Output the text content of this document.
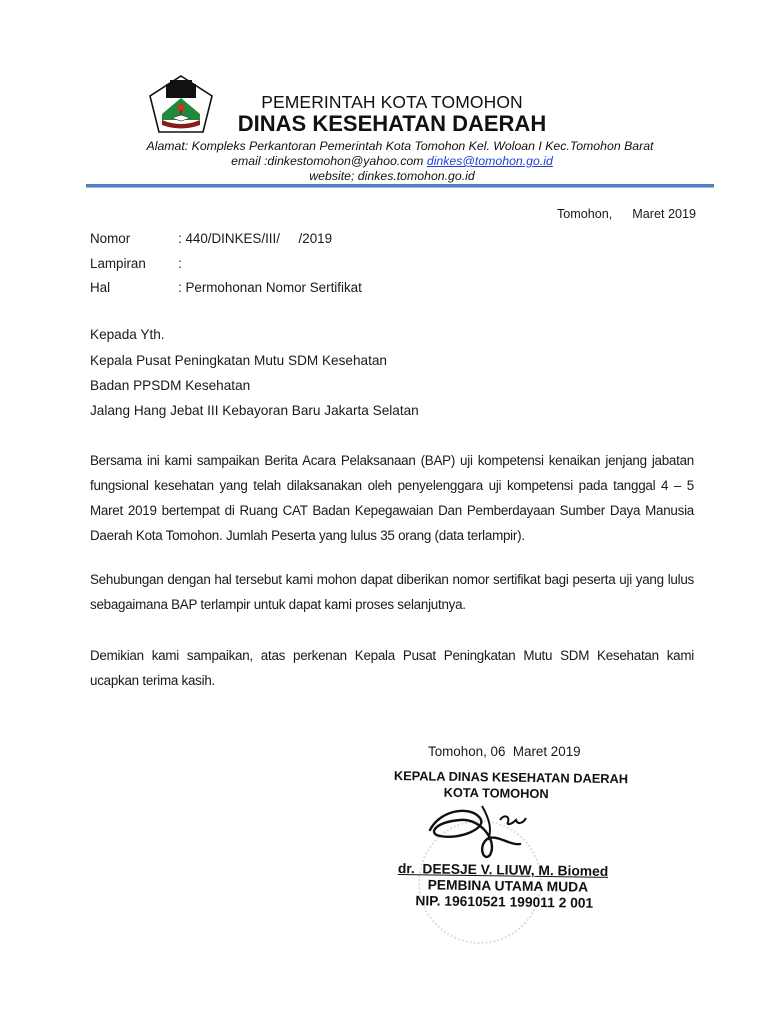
PEMERINTAH KOTA TOMOHON
DINAS KESEHATAN DAERAH
Alamat: Kompleks Perkantoran Pemerintah Kota Tomohon Kel. Woloan I Kec.Tomohon Barat
email :dinkestomohon@yahoo.com dinkes@tomohon.go.id
website; dinkes.tomohon.go.id
Tomohon, Maret 2019
Nomor	: 440/DINKES/III/     /2019
Lampiran :
Hal	: Permohonan Nomor Sertifikat
Kepada Yth.
Kepala Pusat Peningkatan Mutu SDM Kesehatan
Badan PPSDM Kesehatan
Jalang Hang Jebat III Kebayoran Baru Jakarta Selatan
Bersama ini kami sampaikan Berita Acara Pelaksanaan (BAP) uji kompetensi kenaikan jenjang jabatan fungsional kesehatan yang telah dilaksanakan oleh penyelenggara uji kompetensi pada tanggal 4 – 5 Maret 2019 bertempat di Ruang CAT Badan Kepegawaian Dan Pemberdayaan Sumber Daya Manusia Daerah Kota Tomohon. Jumlah Peserta yang lulus 35 orang (data terlampir).
Sehubungan dengan hal tersebut kami mohon dapat diberikan nomor sertifikat bagi peserta uji yang lulus sebagaimana BAP terlampir untuk dapat kami proses selanjutnya.
Demikian kami sampaikan, atas perkenan Kepala Pusat Peningkatan Mutu SDM Kesehatan kami ucapkan terima kasih.
Tomohon, 06  Maret 2019
KEPALA DINAS KESEHATAN DAERAH
KOTA TOMOHON
dr.  DEESJE V. LIUW, M. Biomed
PEMBINA UTAMA MUDA
NIP. 19610521 199011 2 001
